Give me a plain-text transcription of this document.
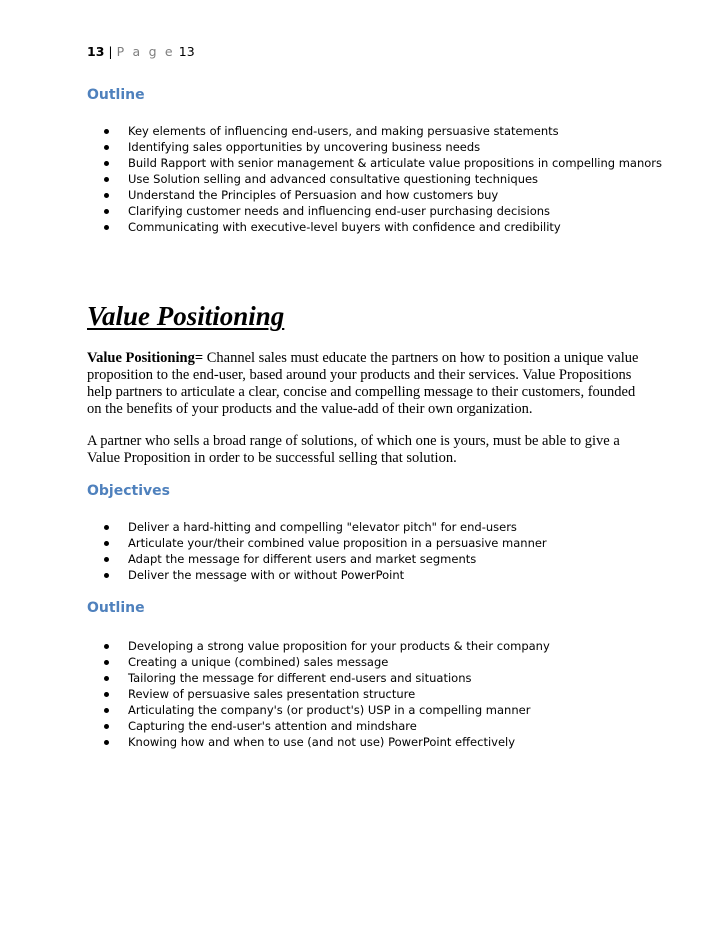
13 | P a g e 13
Outline
Key elements of influencing end-users, and making persuasive statements
Identifying sales opportunities by uncovering business needs
Build Rapport with senior management & articulate value propositions in compelling manors
Use Solution selling and advanced consultative questioning techniques
Understand the Principles of Persuasion and how customers buy
Clarifying customer needs and influencing end-user purchasing decisions
Communicating with executive-level buyers with confidence and credibility
Value Positioning
Value Positioning= Channel sales must educate the partners on how to position a unique value
proposition to the end-user, based around your products and their services. Value Propositions
help partners to articulate a clear, concise and compelling message to their customers, founded
on the benefits of your products and the value-add of their own organization.
A partner who sells a broad range of solutions, of which one is yours, must be able to give a
Value Proposition in order to be successful selling that solution.
Objectives
Deliver a hard-hitting and compelling "elevator pitch" for end-users
Articulate your/their combined value proposition in a persuasive manner
Adapt the message for different users and market segments
Deliver the message with or without PowerPoint
Outline
Developing a strong value proposition for your products & their company
Creating a unique (combined) sales message
Tailoring the message for different end-users and situations
Review of persuasive sales presentation structure
Articulating the company's (or product's) USP in a compelling manner
Capturing the end-user's attention and mindshare
Knowing how and when to use (and not use) PowerPoint effectively
